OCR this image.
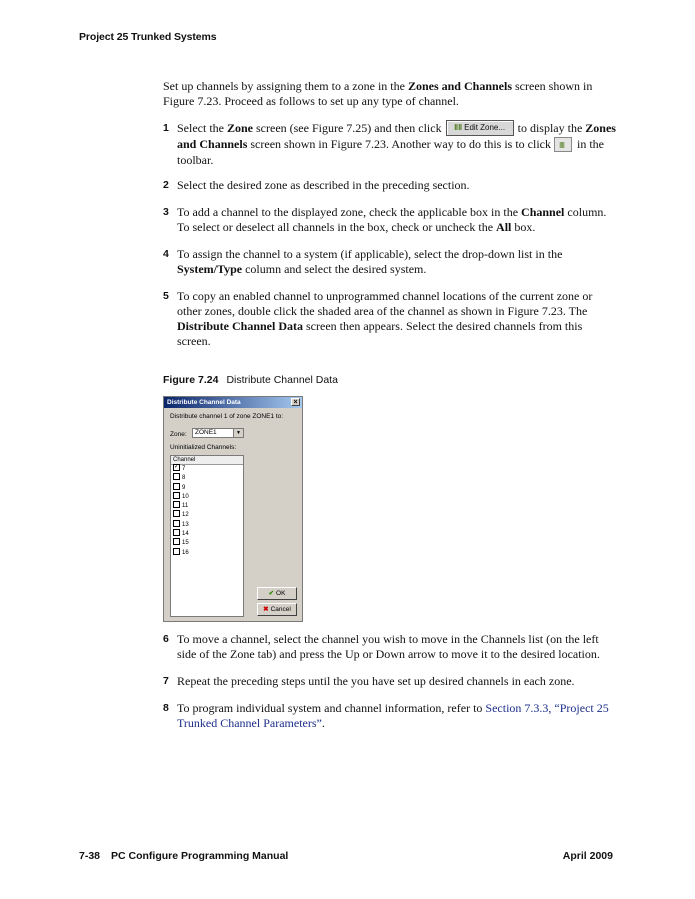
Project 25 Trunked Systems
Set up channels by assigning them to a zone in the Zones and Channels screen shown in Figure 7.23. Proceed as follows to set up any type of channel.
1 Select the Zone screen (see Figure 7.25) and then click ǁǁ Edit Zone... to display the Zones and Channels screen shown in Figure 7.23. Another way to do this is to click ǁǁ in the toolbar.
2 Select the desired zone as described in the preceding section.
3 To add a channel to the displayed zone, check the applicable box in the Channel column. To select or deselect all channels in the box, check or uncheck the All box.
4 To assign the channel to a system (if applicable), select the drop-down list in the System/Type column and select the desired system.
5 To copy an enabled channel to unprogrammed channel locations of the current zone or other zones, double click the shaded area of the channel as shown in Figure 7.23. The Distribute Channel Data screen then appears. Select the desired channels from this screen.
Figure 7.24 Distribute Channel Data
Distribute Channel Data	×
Distribute channel 1 of zone ZONE1 to:
Zone:	ZONE1	▼
Uninitialized Channels:
Channel
✓ 7
8
9
10
11
12
13
14
15
16
✔ OK
✖ Cancel
6 To move a channel, select the channel you wish to move in the Channels list (on the left side of the Zone tab) and press the Up or Down arrow to move it to the desired location.
7 Repeat the preceding steps until the you have set up desired channels in each zone.
8 To program individual system and channel information, refer to Section 7.3.3, “Project 25 Trunked Channel Parameters”.
7-38 PC Configure Programming Manual	April 2009
